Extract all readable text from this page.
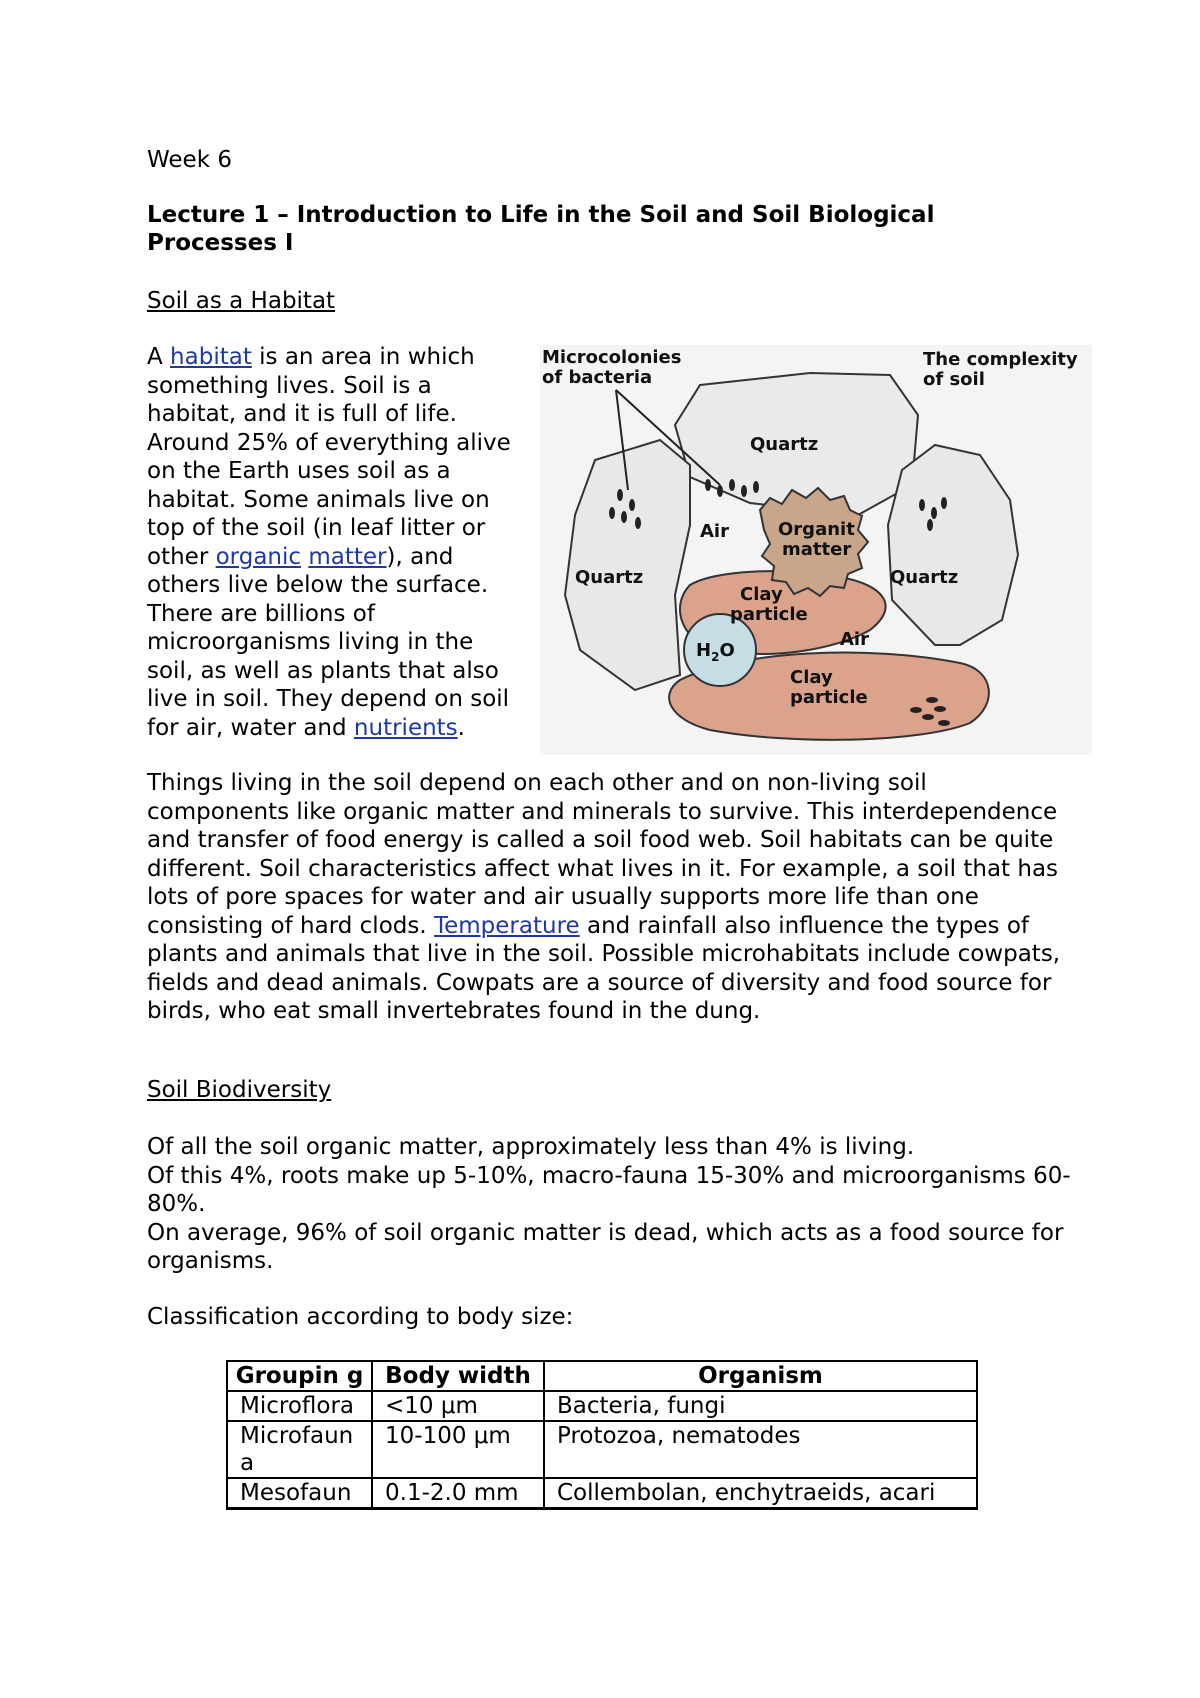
Week 6
Lecture 1 – Introduction to Life in the Soil and Soil Biological Processes I
Soil as a Habitat
A habitat is an area in which something lives. Soil is a habitat, and it is full of life. Around 25% of everything alive on the Earth uses soil as a habitat. Some animals live on top of the soil (in leaf litter or other organic matter), and others live below the surface. There are billions of microorganisms living in the soil, as well as plants that also live in soil. They depend on soil for air, water and nutrients.
Things living in the soil depend on each other and on non-living soil components like organic matter and minerals to survive. This interdependence and transfer of food energy is called a soil food web. Soil habitats can be quite different. Soil characteristics affect what lives in it. For example, a soil that has lots of pore spaces for water and air usually supports more life than one consisting of hard clods. Temperature and rainfall also influence the types of plants and animals that live in the soil. Possible microhabitats include cowpats, fields and dead animals. Cowpats are a source of diversity and food source for birds, who eat small invertebrates found in the dung.
Soil Biodiversity
Of all the soil organic matter, approximately less than 4% is living.
Of this 4%, roots make up 5-10%, macro-fauna 15-30% and microorganisms 60-80%.
On average, 96% of soil organic matter is dead, which acts as a food source for organisms.
Classification according to body size:
Microcolonies
of bacteria
The complexity
of soil
Quartz
Quartz	Quartz
Air
Air
Organit
matter
Clay
particle
Clay
particle
$H_2O$
Groupin g	Body width	Organism
Microflora	<10 μm	Bacteria, fungi
Microfaun a	10-100 μm	Protozoa, nematodes
Mesofaun	0.1-2.0 mm	Collembolan, enchytraeids, acari
